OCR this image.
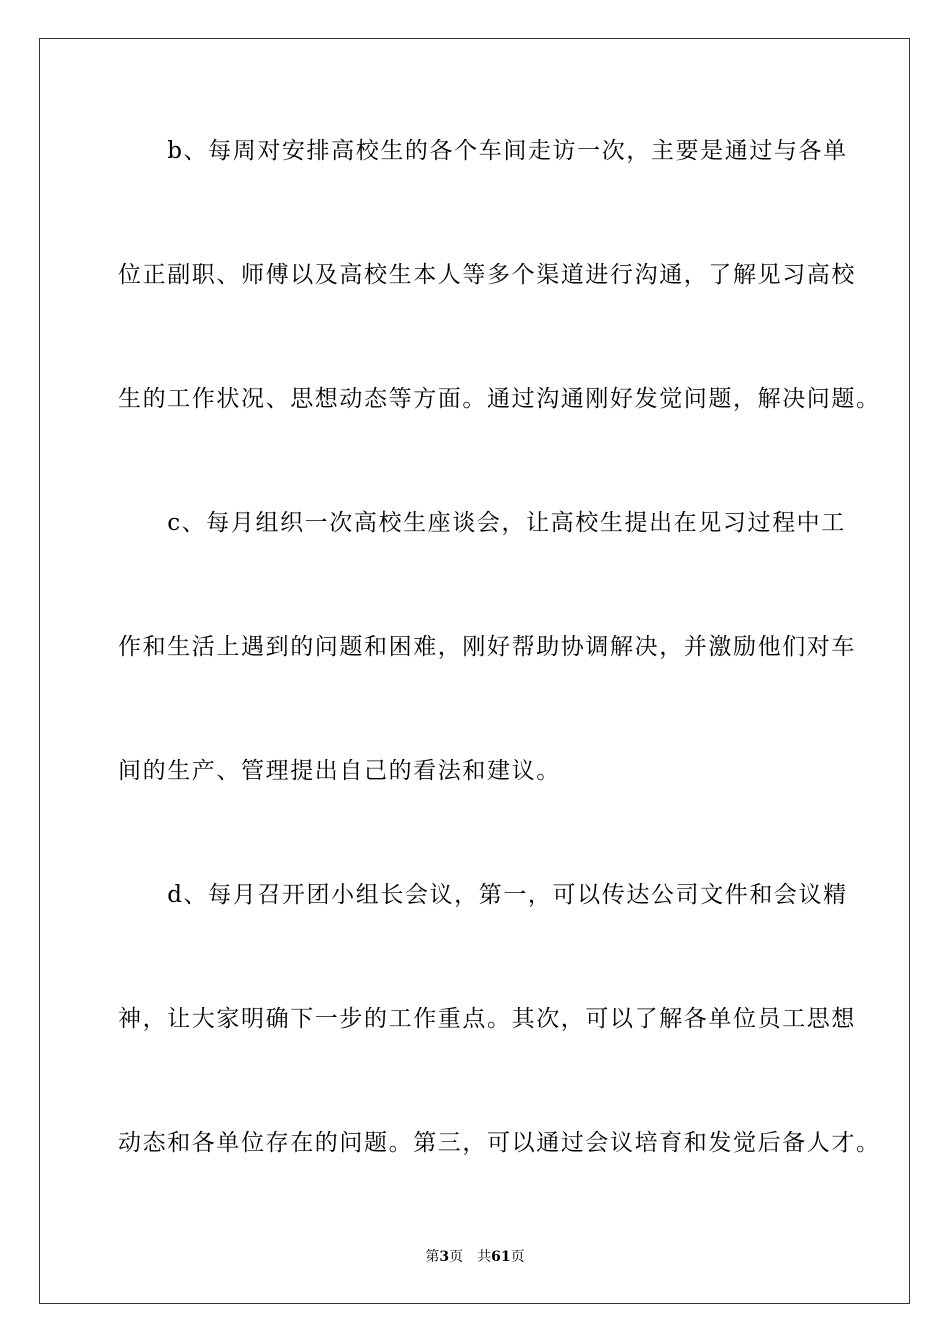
　　b、每周对安排高校生的各个车间走访一次，主要是通过与各单
位正副职、师傅以及高校生本人等多个渠道进行沟通，了解见习高校
生的工作状况、思想动态等方面。通过沟通刚好发觉问题，解决问题。
　　c、每月组织一次高校生座谈会，让高校生提出在见习过程中工
作和生活上遇到的问题和困难，刚好帮助协调解决，并激励他们对车
间的生产、管理提出自己的看法和建议。
　　d、每月召开团小组长会议，第一，可以传达公司文件和会议精
神，让大家明确下一步的工作重点。其次，可以了解各单位员工思想
动态和各单位存在的问题。第三，可以通过会议培育和发觉后备人才。
第3页 共61页
